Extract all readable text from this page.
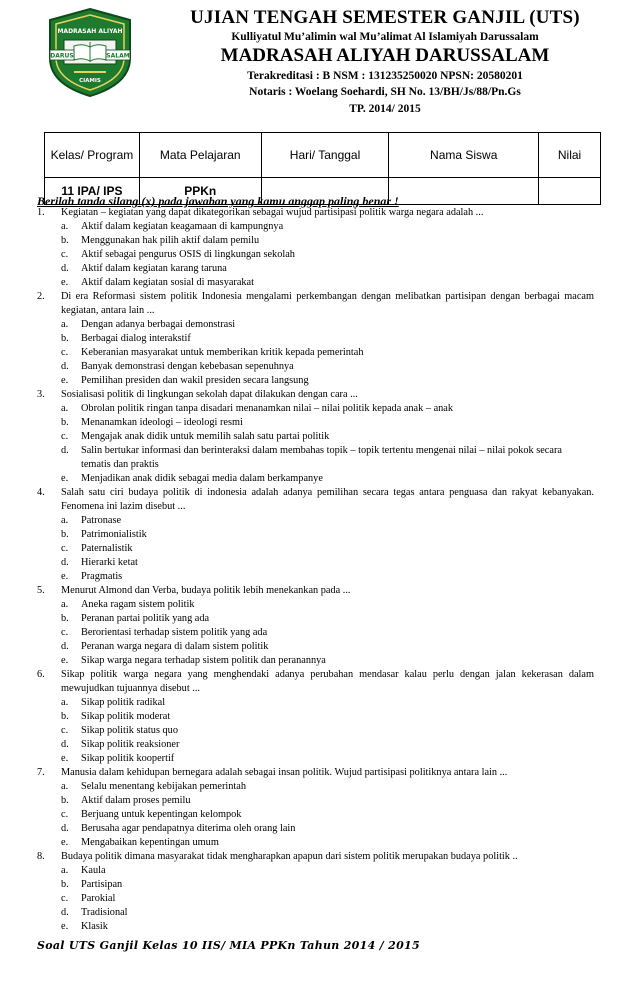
MADRASAH ALIYAH
DARUS	SALAM
CIAMIS
UJIAN TENGAH SEMESTER GANJIL (UTS)
Kulliyatul Mu’alimin wal Mu’alimat Al Islamiyah Darussalam
MADRASAH ALIYAH DARUSSALAM
Terakreditasi : B NSM : 131235250020 NPSN: 20580201
Notaris : Woelang Soehardi, SH No. 13/BH/Js/88/Pn.Gs
TP. 2014/ 2015
Kelas/ Program	Mata Pelajaran	Hari/ Tanggal	Nama Siswa	Nilai
11 IPA/ IPS	PPKn			
Berilah tanda silang (x) pada jawaban yang kamu anggap paling benar !
1.	Kegiatan – kegiatan yang dapat dikategorikan sebagai wujud partisipasi politik warga negara adalah ...
a.	Aktif dalam kegiatan keagamaan di kampungnya
b.	Menggunakan hak pilih aktif dalam pemilu
c.	Aktif sebagai pengurus OSIS di lingkungan sekolah
d.	Aktif dalam kegiatan karang taruna
e.	Aktif dalam kegiatan sosial di masyarakat
2.	Di era Reformasi sistem politik Indonesia mengalami perkembangan dengan melibatkan partisipan dengan berbagai macam kegiatan, antara lain ...
a.	Dengan adanya berbagai demonstrasi
b.	Berbagai dialog interakstif
c.	Keberanian masyarakat untuk memberikan kritik kepada pemerintah
d.	Banyak demonstrasi dengan kebebasan sepenuhnya
e.	Pemilihan presiden dan wakil presiden secara langsung
3.	Sosialisasi politik di lingkungan sekolah dapat dilakukan dengan cara ...
a.	Obrolan politik ringan tanpa disadari menanamkan nilai – nilai politik kepada anak – anak
b.	Menanamkan ideologi – ideologi resmi
c.	Mengajak anak didik untuk memilih salah satu partai politik
d.	Salin bertukar informasi dan berinteraksi dalam membahas topik – topik tertentu mengenai nilai – nilai pokok secara tematis dan praktis
e.	Menjadikan anak didik sebagai media dalam berkampanye
4.	Salah satu ciri budaya politik di indonesia adalah adanya pemilihan secara tegas antara penguasa dan rakyat kebanyakan. Fenomena ini lazim disebut ...
a.	Patronase
b.	Patrimonialistik
c.	Paternalistik
d.	Hierarki ketat
e.	Pragmatis
5.	Menurut Almond dan Verba, budaya politik lebih menekankan pada ...
a.	Aneka ragam sistem politik
b.	Peranan partai politik yang ada
c.	Berorientasi terhadap sistem politik yang ada
d.	Peranan warga negara di dalam sistem politik
e.	Sikap warga negara terhadap sistem politik dan peranannya
6.	Sikap politik warga negara yang menghendaki adanya perubahan mendasar kalau perlu dengan jalan kekerasan dalam mewujudkan tujuannya disebut ...
a.	Sikap politik radikal
b.	Sikap politik moderat
c.	Sikap politik status quo
d.	Sikap politik reaksioner
e.	Sikap politik koopertif
7.	Manusia dalam kehidupan bernegara adalah sebagai insan politik. Wujud partisipasi politiknya antara lain ...
a.	Selalu menentang kebijakan pemerintah
b.	Aktif dalam proses pemilu
c.	Berjuang untuk kepentingan kelompok
d.	Berusaha agar pendapatnya diterima oleh orang lain
e.	Mengabaikan kepentingan umum
8.	Budaya politik dimana masyarakat tidak mengharapkan apapun dari sistem politik merupakan budaya politik ..
a.	Kaula
b.	Partisipan
c.	Parokial
d.	Tradisional
e.	Klasik
Soal UTS Ganjil Kelas 10 IIS/ MIA PPKn Tahun 2014 / 2015
